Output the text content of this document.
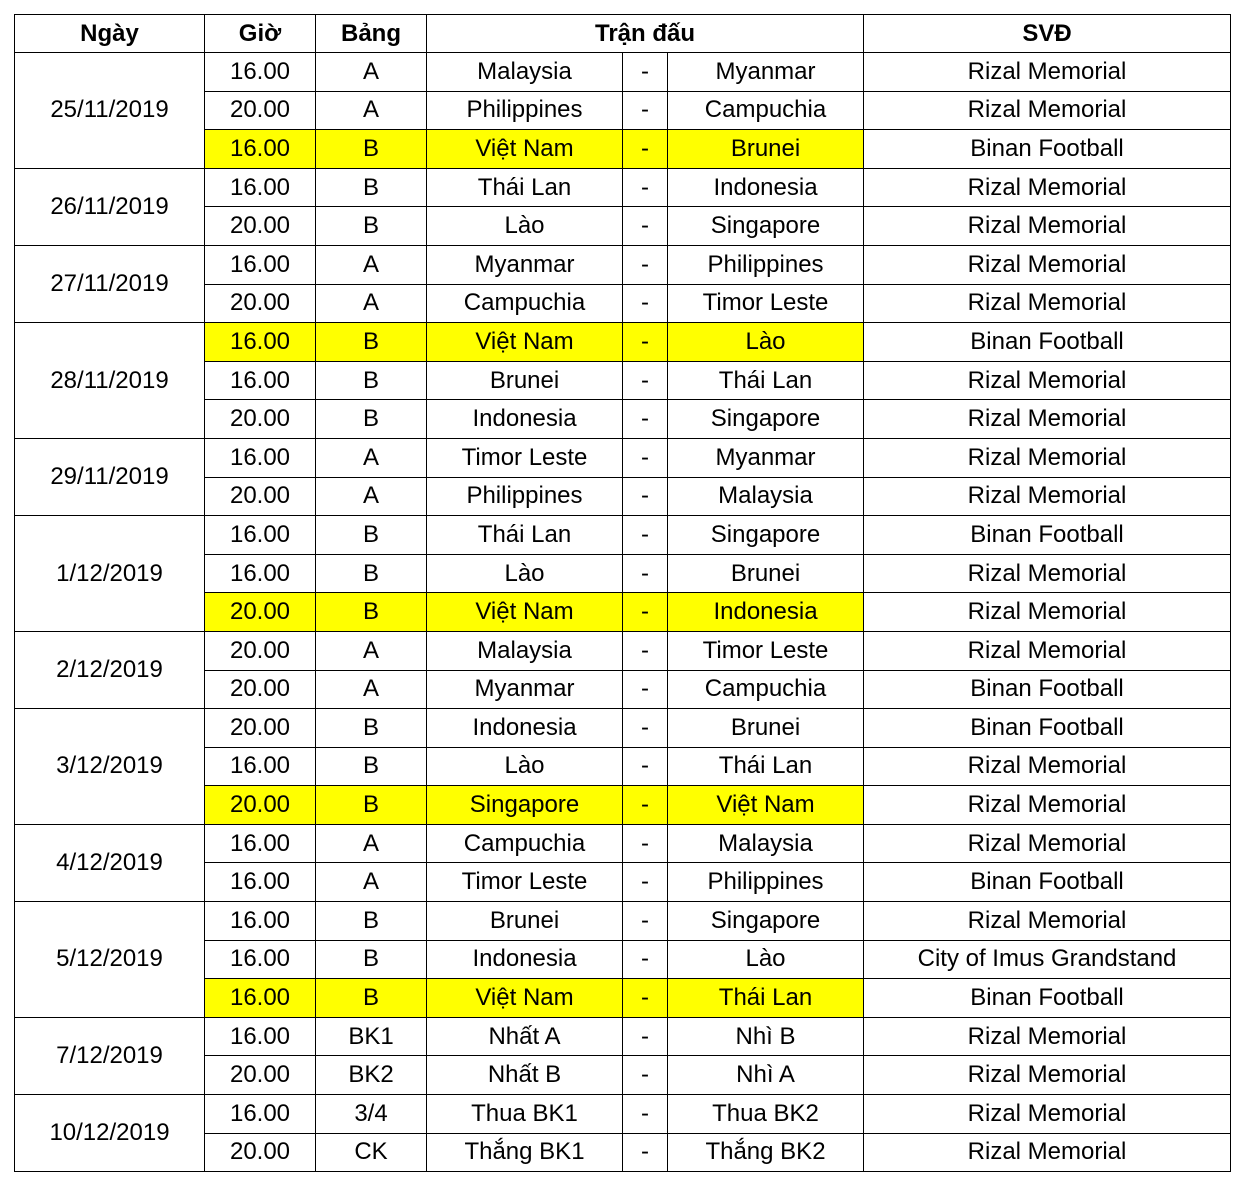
Ngày	Giờ	Bảng	Trận đấu			SVĐ
25/11/2019	16.00	A	Malaysia	-	Myanmar	Rizal Memorial
	20.00	A	Philippines	-	Campuchia	Rizal Memorial
	16.00	B	Việt Nam	-	Brunei	Binan Football
26/11/2019	16.00	B	Thái Lan	-	Indonesia	Rizal Memorial
	20.00	B	Lào	-	Singapore	Rizal Memorial
27/11/2019	16.00	A	Myanmar	-	Philippines	Rizal Memorial
	20.00	A	Campuchia	-	Timor Leste	Rizal Memorial
28/11/2019	16.00	B	Việt Nam	-	Lào	Binan Football
	16.00	B	Brunei	-	Thái Lan	Rizal Memorial
	20.00	B	Indonesia	-	Singapore	Rizal Memorial
29/11/2019	16.00	A	Timor Leste	-	Myanmar	Rizal Memorial
	20.00	A	Philippines	-	Malaysia	Rizal Memorial
1/12/2019	16.00	B	Thái Lan	-	Singapore	Binan Football
	16.00	B	Lào	-	Brunei	Rizal Memorial
	20.00	B	Việt Nam	-	Indonesia	Rizal Memorial
2/12/2019	20.00	A	Malaysia	-	Timor Leste	Rizal Memorial
	20.00	A	Myanmar	-	Campuchia	Binan Football
3/12/2019	20.00	B	Indonesia	-	Brunei	Binan Football
	16.00	B	Lào	-	Thái Lan	Rizal Memorial
	20.00	B	Singapore	-	Việt Nam	Rizal Memorial
4/12/2019	16.00	A	Campuchia	-	Malaysia	Rizal Memorial
	16.00	A	Timor Leste	-	Philippines	Binan Football
5/12/2019	16.00	B	Brunei	-	Singapore	Rizal Memorial
	16.00	B	Indonesia	-	Lào	City of Imus Grandstand
	16.00	B	Việt Nam	-	Thái Lan	Binan Football
7/12/2019	16.00	BK1	Nhất A	-	Nhì B	Rizal Memorial
	20.00	BK2	Nhất B	-	Nhì A	Rizal Memorial
10/12/2019	16.00	3/4	Thua BK1	-	Thua BK2	Rizal Memorial
	20.00	CK	Thắng BK1	-	Thắng BK2	Rizal Memorial
